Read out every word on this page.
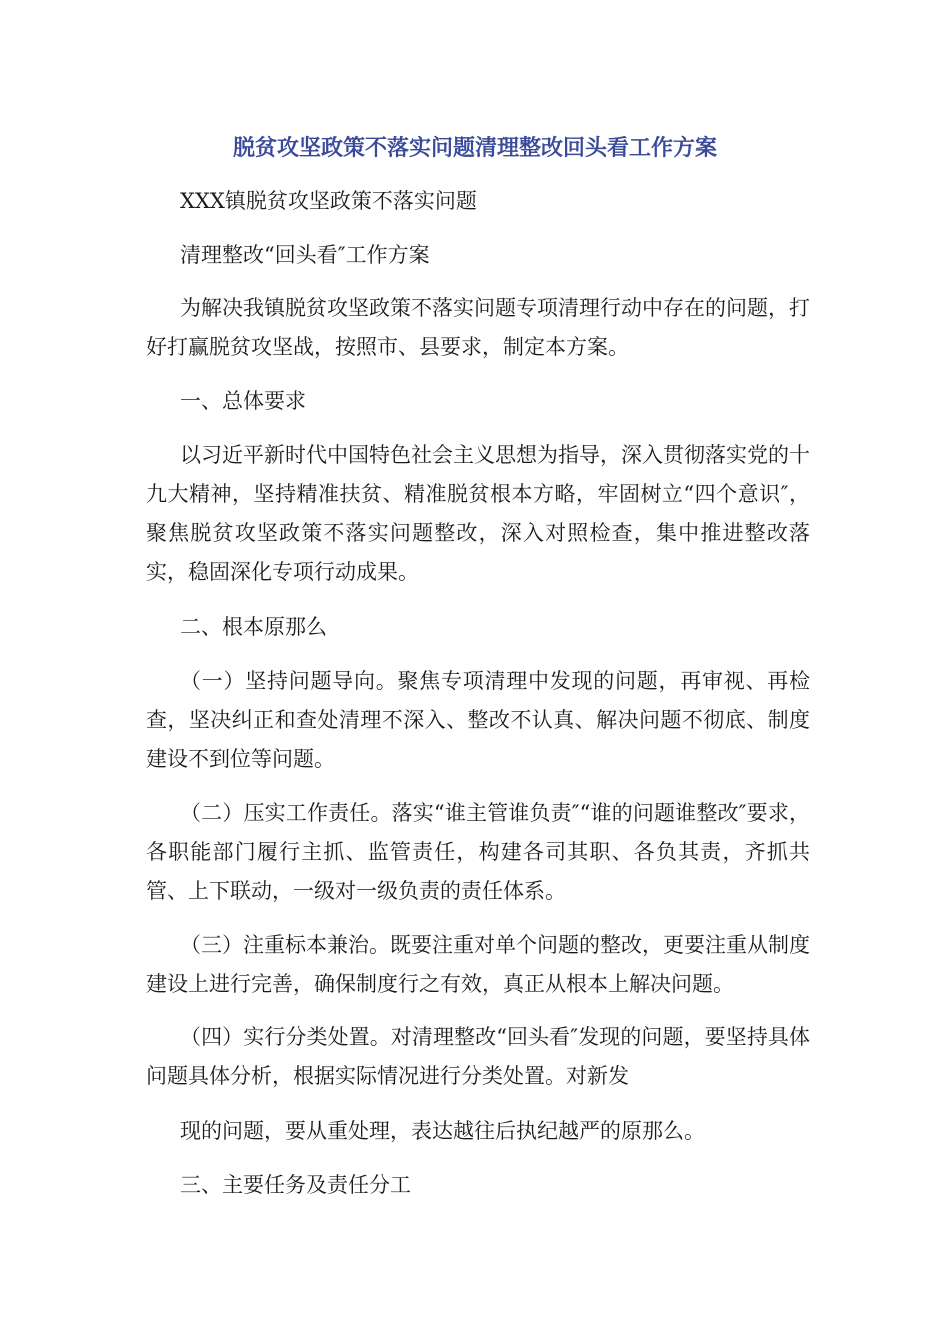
脱贫攻坚政策不落实问题清理整改回头看工作方案

XXX镇脱贫攻坚政策不落实问题

清理整改“回头看″工作方案

为解决我镇脱贫攻坚政策不落实问题专项清理行动中存在的问题，打好打赢脱贫攻坚战，按照市、县要求，制定本方案。

一、总体要求

以习近平新时代中国特色社会主义思想为指导，深入贯彻落实党的十九大精神，坚持精准扶贫、精准脱贫根本方略，牢固树立“四个意识″，聚焦脱贫攻坚政策不落实问题整改，深入对照检查，集中推进整改落实，稳固深化专项行动成果。

二、根本原那么

（一）坚持问题导向。聚焦专项清理中发现的问题，再审视、再检查，坚决纠正和查处清理不深入、整改不认真、解决问题不彻底、制度建设不到位等问题。

（二）压实工作责任。落实“谁主管谁负责″“谁的问题谁整改″要求，各职能部门履行主抓、监管责任，构建各司其职、各负其责，齐抓共管、上下联动，一级对一级负责的责任体系。

（三）注重标本兼治。既要注重对单个问题的整改，更要注重从制度建设上进行完善，确保制度行之有效，真正从根本上解决问题。

（四）实行分类处置。对清理整改“回头看″发现的问题，要坚持具体问题具体分析，根据实际情况进行分类处置。对新发

现的问题，要从重处理，表达越往后执纪越严的原那么。

三、主要任务及责任分工
